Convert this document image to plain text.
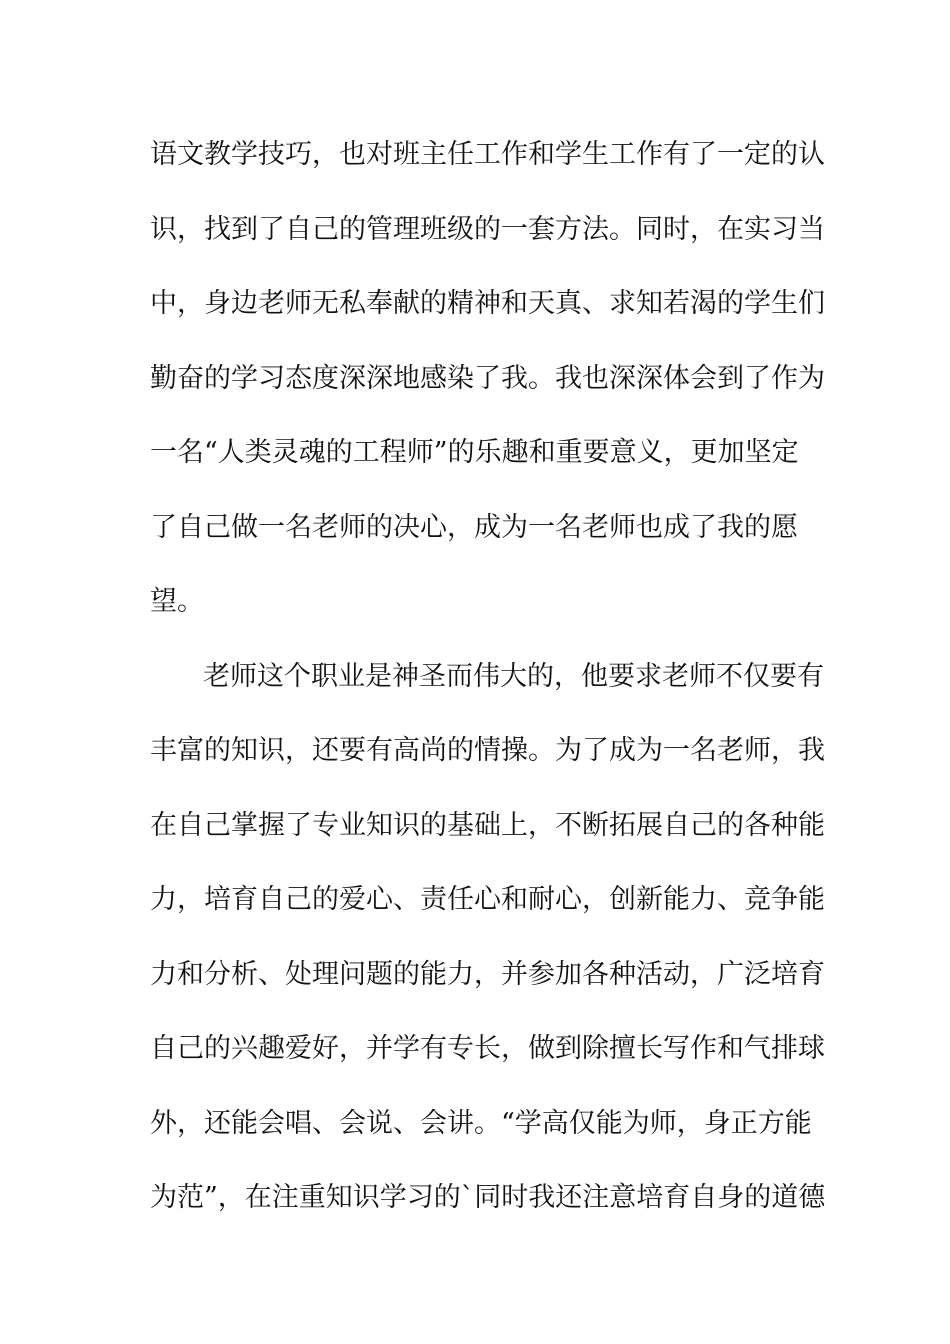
语文教学技巧，也对班主任工作和学生工作有了一定的认
识，找到了自己的管理班级的一套方法。同时，在实习当
中，身边老师无私奉献的精神和天真、求知若渴的学生们
勤奋的学习态度深深地感染了我。我也深深体会到了作为
一名“人类灵魂的工程师”的乐趣和重要意义，更加坚定
了自己做一名老师的决心，成为一名老师也成了我的愿
望。
老师这个职业是神圣而伟大的，他要求老师不仅要有
丰富的知识，还要有高尚的情操。为了成为一名老师，我
在自己掌握了专业知识的基础上，不断拓展自己的各种能
力，培育自己的爱心、责任心和耐心，创新能力、竞争能
力和分析、处理问题的能力，并参加各种活动，广泛培育
自己的兴趣爱好，并学有专长，做到除擅长写作和气排球
外，还能会唱、会说、会讲。“学高仅能为师，身正方能
为范”，在注重知识学习的`同时我还注意培育自身的道德
